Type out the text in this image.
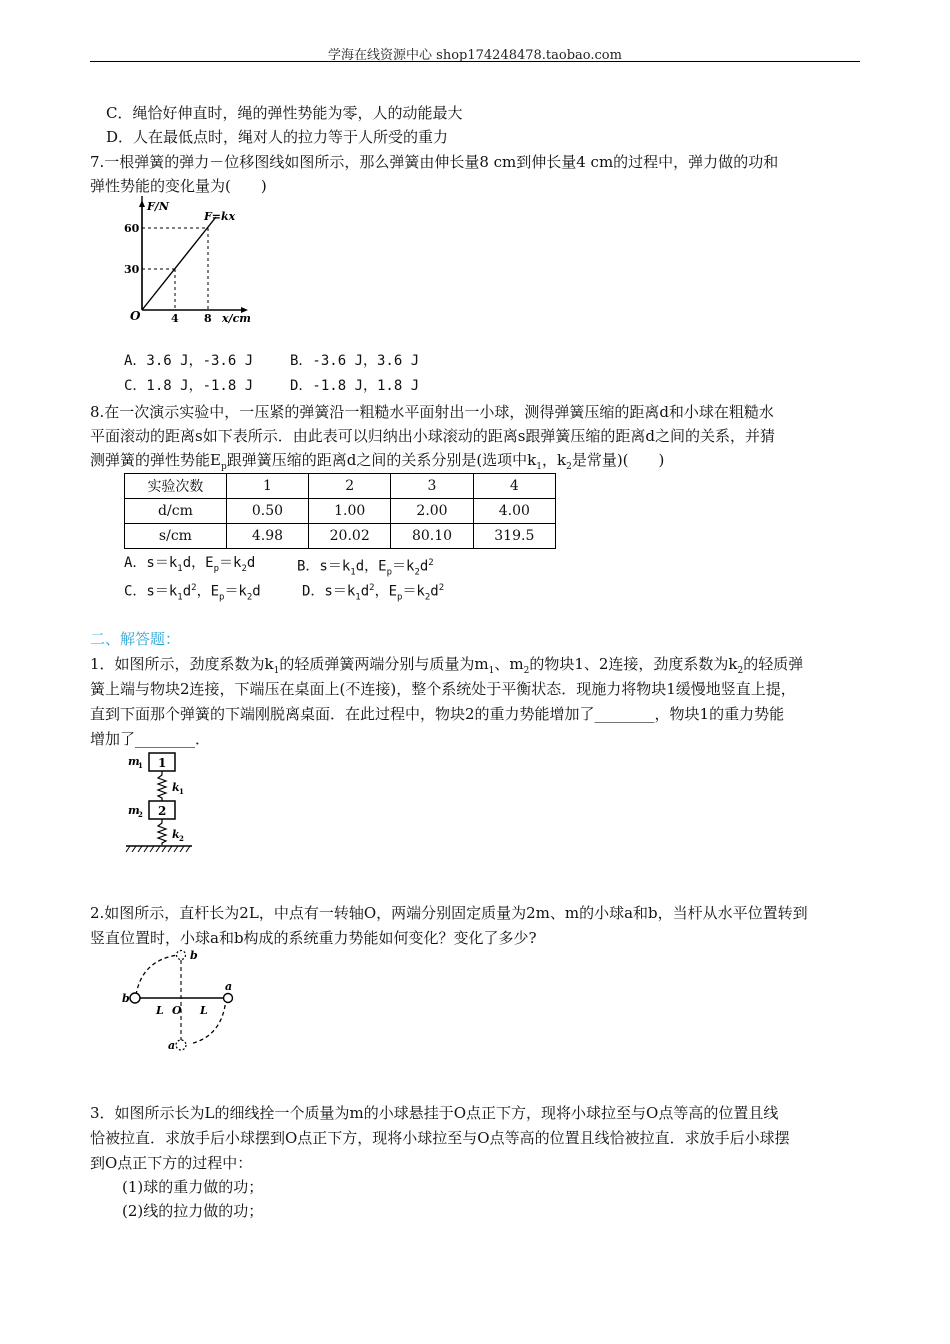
学海在线资源中心 shop174248478.taobao.com
C．绳恰好伸直时，绳的弹性势能为零，人的动能最大
D．人在最低点时，绳对人的拉力等于人所受的重力
7.一根弹簧的弹力－位移图线如图所示，那么弹簧由伸长量8 cm到伸长量4 cm的过程中，弹力做的功和
弹性势能的变化量为(　　)
F/N
F=kx
60
30
O	4 8 x/cm
A．3.6 J，-3.6 J	B．-3.6 J，3.6 J
C．1.8 J，-1.8 J	D．-1.8 J，1.8 J
8.在一次演示实验中，一压紧的弹簧沿一粗糙水平面射出一小球，测得弹簧压缩的距离d和小球在粗糙水
平面滚动的距离s如下表所示．由此表可以归纳出小球滚动的距离s跟弹簧压缩的距离d之间的关系，并猜
测弹簧的弹性势能$E_p$跟弹簧压缩的距离d之间的关系分别是(选项中$k_1$，$k_2$是常量)(　　)
实验次数	1	2	3	4
d/cm	0.50	1.00	2.00	4.00
s/cm	4.98	20.02	80.10	319.5
A．$s=k_1d$，$E_p=k_2d$	B．$s=k_1d$，$E_p=k_2d^2$
C．$s=k_1d^2$，$E_p=k_2d$	D．$s=k_1d^2$，$E_p=k_2d^2$
二、解答题：
1．如图所示，劲度系数为$k_1$的轻质弹簧两端分别与质量为$m_1$、$m_2$的物块1、2连接，劲度系数为$k_2$的轻质弹
簧上端与物块2连接，下端压在桌面上(不连接)，整个系统处于平衡状态．现施力将物块1缓慢地竖直上提，
直到下面那个弹簧的下端刚脱离桌面．在此过程中，物块2的重力势能增加了________，物块1的重力势能
增加了________．
m
1 1
k 1
m
2 2
k 2
2.如图所示，直杆长为2L，中点有一转轴O，两端分别固定质量为2m、m的小球a和b，当杆从水平位置转到
竖直位置时，小球a和b构成的系统重力势能如何变化？变化了多少?
b
b
a
a
L O L
3．如图所示长为L的细线拴一个质量为m的小球悬挂于O点正下方，现将小球拉至与O点等高的位置且线
恰被拉直．求放手后小球摆到O点正下方，现将小球拉至与O点等高的位置且线恰被拉直．求放手后小球摆
到O点正下方的过程中：
(1)球的重力做的功；
(2)线的拉力做的功；
